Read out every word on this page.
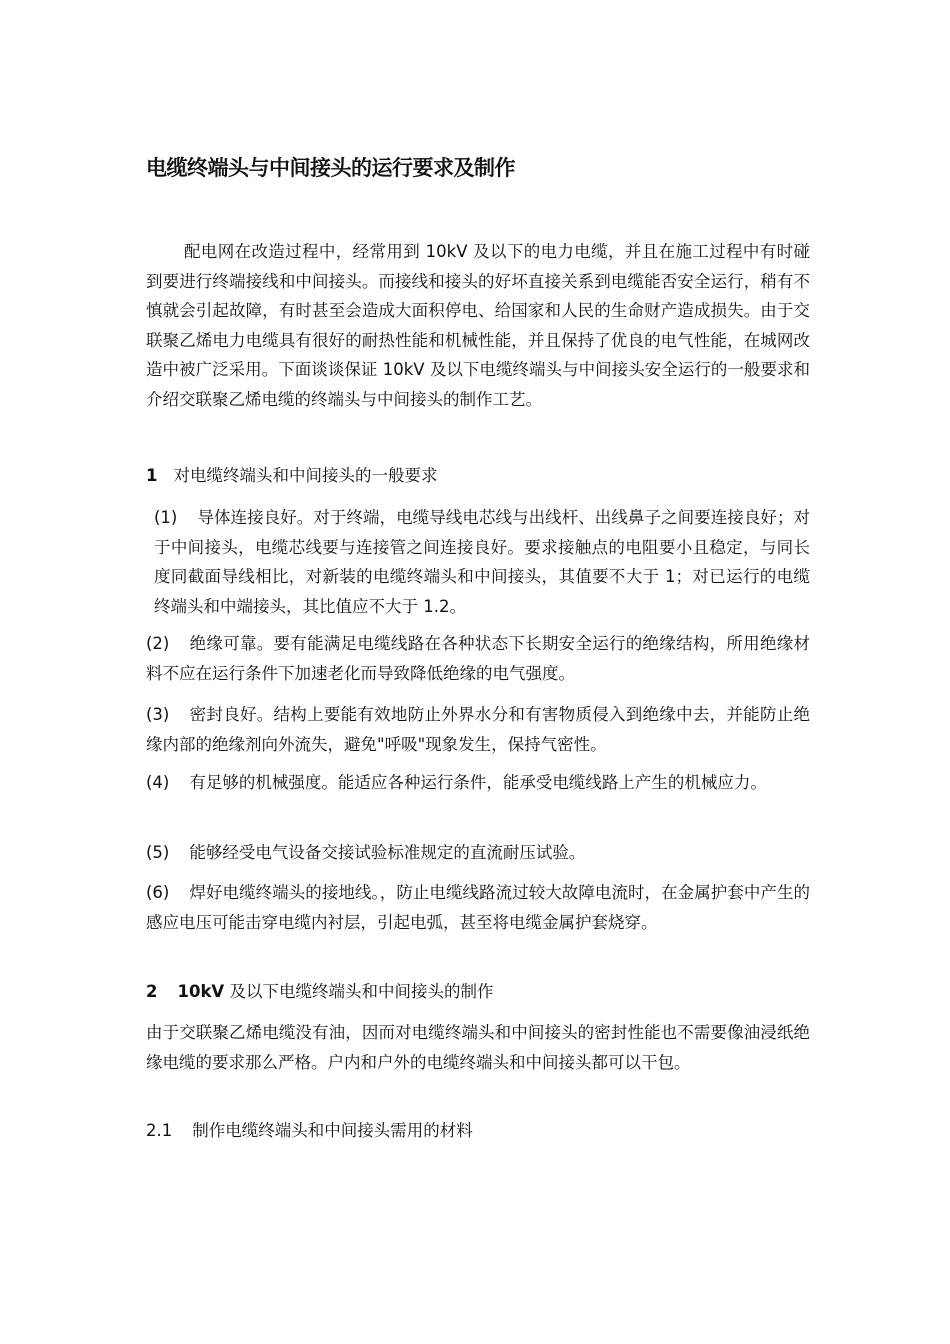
电缆终端头与中间接头的运行要求及制作

配电网在改造过程中，经常用到 10kV 及以下的电力电缆，并且在施工过程中有时碰到要进行终端接线和中间接头。而接线和接头的好坏直接关系到电缆能否安全运行，稍有不慎就会引起故障，有时甚至会造成大面积停电、给国家和人民的生命财产造成损失。由于交联聚乙烯电力电缆具有很好的耐热性能和机械性能，并且保持了优良的电气性能，在城网改造中被广泛采用。下面谈谈保证 10kV 及以下电缆终端头与中间接头安全运行的一般要求和介绍交联聚乙烯电缆的终端头与中间接头的制作工艺。

1 对电缆终端头和中间接头的一般要求

(1) 导体连接良好。对于终端，电缆导线电芯线与出线杆、出线鼻子之间要连接良好；对于中间接头，电缆芯线要与连接管之间连接良好。要求接触点的电阻要小且稳定，与同长度同截面导线相比，对新装的电缆终端头和中间接头，其值要不大于 1；对已运行的电缆终端头和中端接头，其比值应不大于 1.2。

(2) 绝缘可靠。要有能满足电缆线路在各种状态下长期安全运行的绝缘结构，所用绝缘材料不应在运行条件下加速老化而导致降低绝缘的电气强度。

(3) 密封良好。结构上要能有效地防止外界水分和有害物质侵入到绝缘中去，并能防止绝缘内部的绝缘剂向外流失，避免"呼吸"现象发生，保持气密性。

(4) 有足够的机械强度。能适应各种运行条件，能承受电缆线路上产生的机械应力。

(5) 能够经受电气设备交接试验标准规定的直流耐压试验。

(6) 焊好电缆终端头的接地线。，防止电缆线路流过较大故障电流时，在金属护套中产生的感应电压可能击穿电缆内衬层，引起电弧，甚至将电缆金属护套烧穿。

2 10kV 及以下电缆终端头和中间接头的制作

由于交联聚乙烯电缆没有油，因而对电缆终端头和中间接头的密封性能也不需要像油浸纸绝缘电缆的要求那么严格。户内和户外的电缆终端头和中间接头都可以干包。

2.1 制作电缆终端头和中间接头需用的材料
